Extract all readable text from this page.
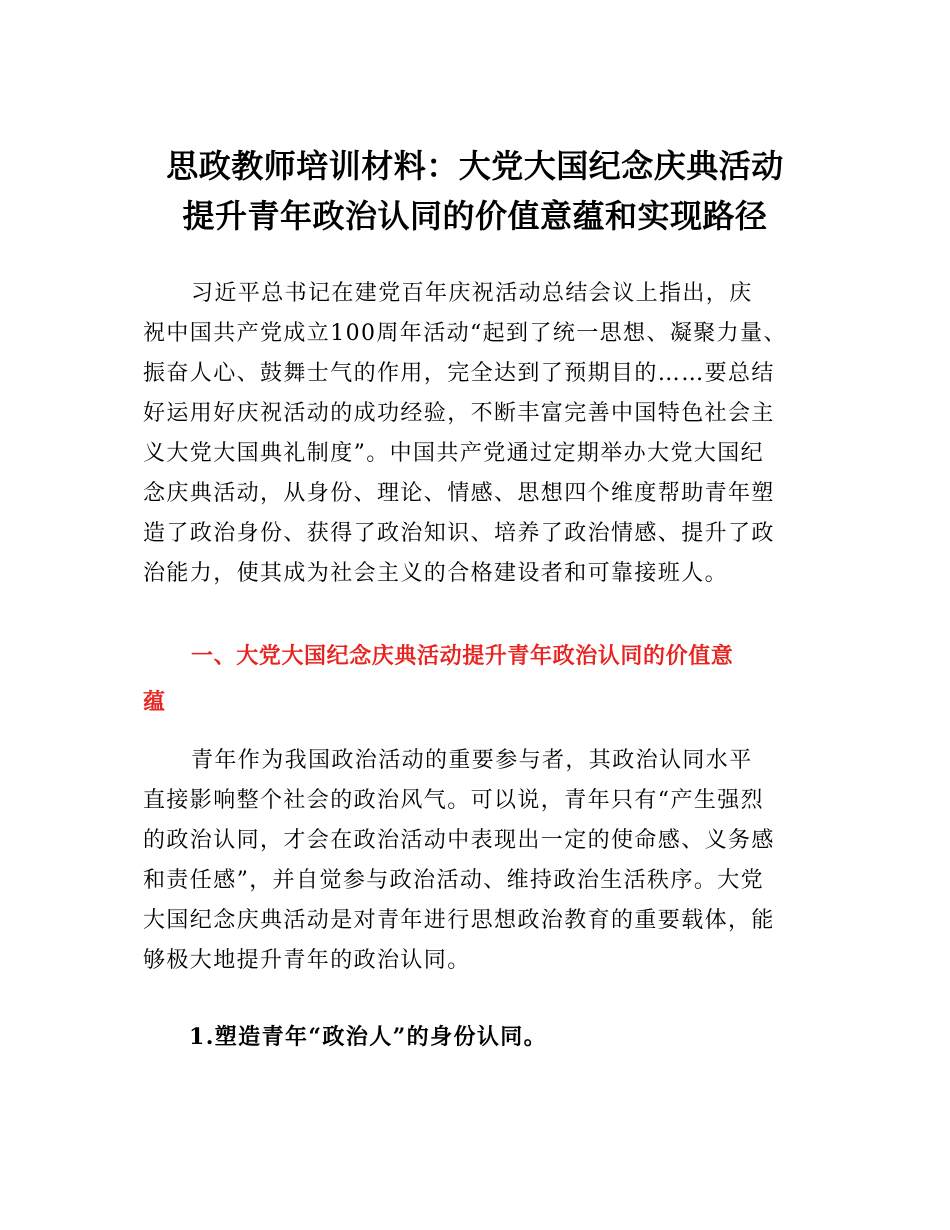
思政教师培训材料：大党大国纪念庆典活动
提升青年政治认同的价值意蕴和实现路径
习近平总书记在建党百年庆祝活动总结会议上指出，庆
祝中国共产党成立100周年活动“起到了统一思想、凝聚力量、
振奋人心、鼓舞士气的作用，完全达到了预期目的……要总结
好运用好庆祝活动的成功经验，不断丰富完善中国特色社会主
义大党大国典礼制度”。中国共产党通过定期举办大党大国纪
念庆典活动，从身份、理论、情感、思想四个维度帮助青年塑
造了政治身份、获得了政治知识、培养了政治情感、提升了政
治能力，使其成为社会主义的合格建设者和可靠接班人。
一、大党大国纪念庆典活动提升青年政治认同的价值意
蕴
青年作为我国政治活动的重要参与者，其政治认同水平
直接影响整个社会的政治风气。可以说，青年只有“产生强烈
的政治认同，才会在政治活动中表现出一定的使命感、义务感
和责任感”，并自觉参与政治活动、维持政治生活秩序。大党
大国纪念庆典活动是对青年进行思想政治教育的重要载体，能
够极大地提升青年的政治认同。
1.塑造青年“政治人”的身份认同。
